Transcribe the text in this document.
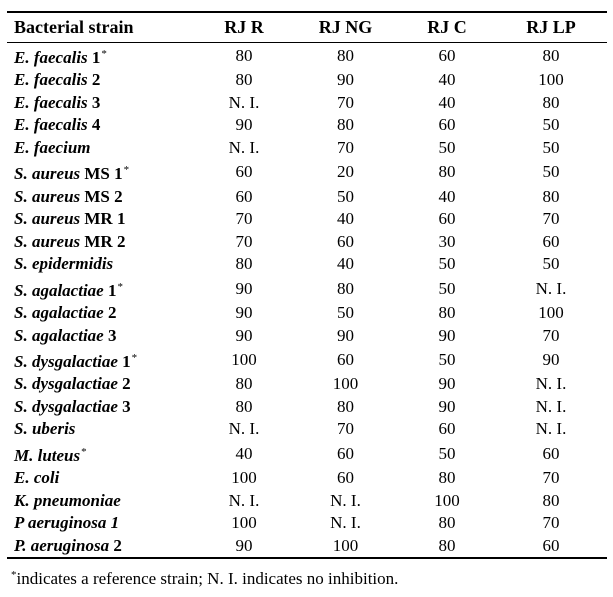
Bacterial strain	RJ R	RJ NG	RJ C	RJ LP
E. faecalis 1*	80	80	60	80
E. faecalis 2	80	90	40	100
E. faecalis 3	N. I.	70	40	80
E. faecalis 4	90	80	60	50
E. faecium	N. I.	70	50	50
S. aureus MS 1*	60	20	80	50
S. aureus MS 2	60	50	40	80
S. aureus MR 1	70	40	60	70
S. aureus MR 2	70	60	30	60
S. epidermidis	80	40	50	50
S. agalactiae 1*	90	80	50	N. I.
S. agalactiae 2	90	50	80	100
S. agalactiae 3	90	90	90	70
S. dysgalactiae 1*	100	60	50	90
S. dysgalactiae 2	80	100	90	N. I.
S. dysgalactiae 3	80	80	90	N. I.
S. uberis	N. I.	70	60	N. I.
M. luteus*	40	60	50	60
E. coli	100	60	80	70
K. pneumoniae	N. I.	N. I.	100	80
P aeruginosa 1	100	N. I.	80	70
P. aeruginosa 2	90	100	80	60
*indicates a reference strain; N. I. indicates no inhibition.
